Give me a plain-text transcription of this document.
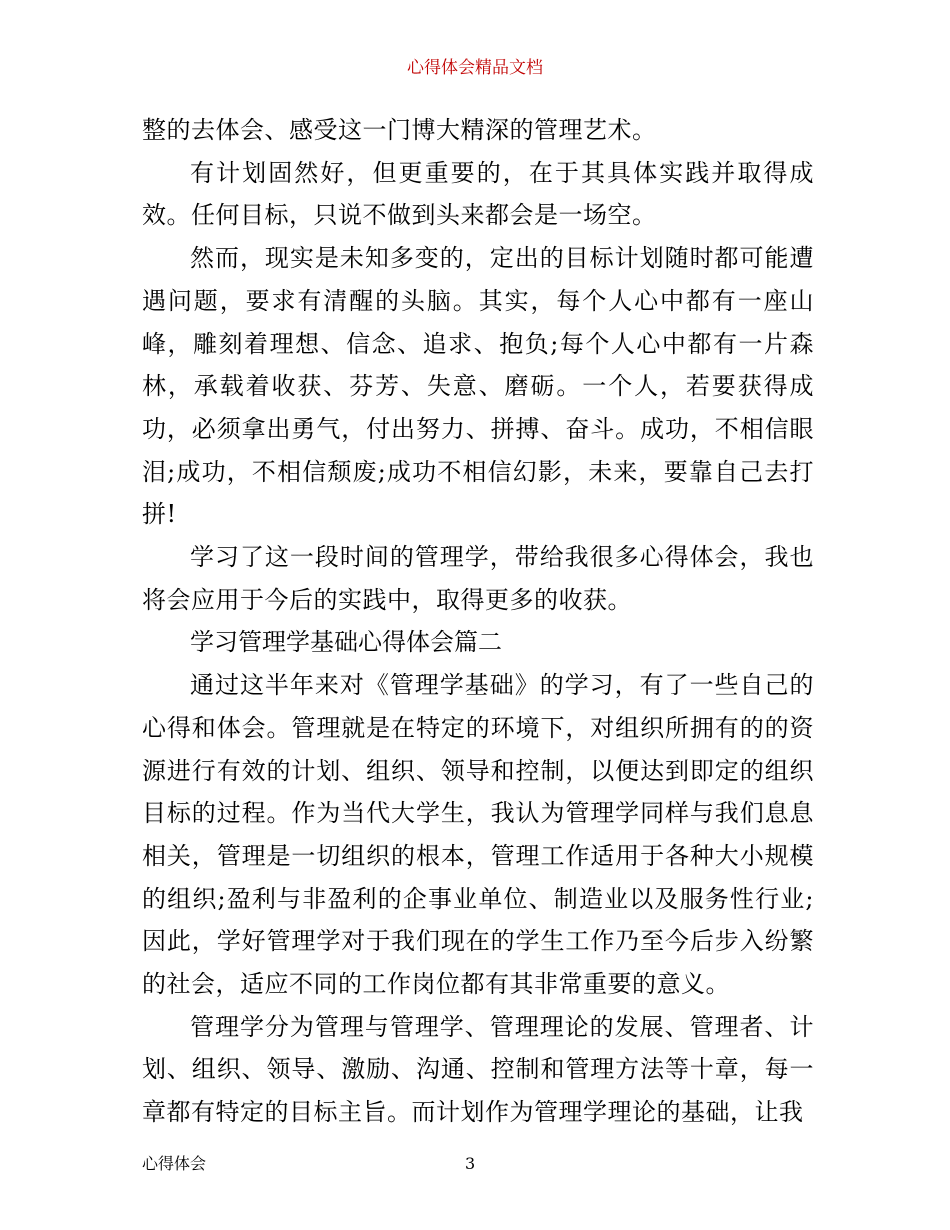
心得体会精品文档

整的去体会、感受这一门博大精深的管理艺术。

有计划固然好，但更重要的，在于其具体实践并取得成效。任何目标，只说不做到头来都会是一场空。

然而，现实是未知多变的，定出的目标计划随时都可能遭遇问题，要求有清醒的头脑。其实，每个人心中都有一座山峰，雕刻着理想、信念、追求、抱负;每个人心中都有一片森林，承载着收获、芬芳、失意、磨砺。一个人，若要获得成功，必须拿出勇气，付出努力、拼搏、奋斗。成功，不相信眼泪;成功，不相信颓废;成功不相信幻影，未来，要靠自己去打拼!

学习了这一段时间的管理学，带给我很多心得体会，我也将会应用于今后的实践中，取得更多的收获。

学习管理学基础心得体会篇二

通过这半年来对《管理学基础》的学习，有了一些自己的心得和体会。管理就是在特定的环境下，对组织所拥有的的资源进行有效的计划、组织、领导和控制，以便达到即定的组织目标的过程。作为当代大学生，我认为管理学同样与我们息息相关，管理是一切组织的根本，管理工作适用于各种大小规模的组织;盈利与非盈利的企事业单位、制造业以及服务性行业;因此，学好管理学对于我们现在的学生工作乃至今后步入纷繁的社会，适应不同的工作岗位都有其非常重要的意义。

管理学分为管理与管理学、管理理论的发展、管理者、计划、组织、领导、激励、沟通、控制和管理方法等十章，每一章都有特定的目标主旨。而计划作为管理学理论的基础，让我

心得体会	3
